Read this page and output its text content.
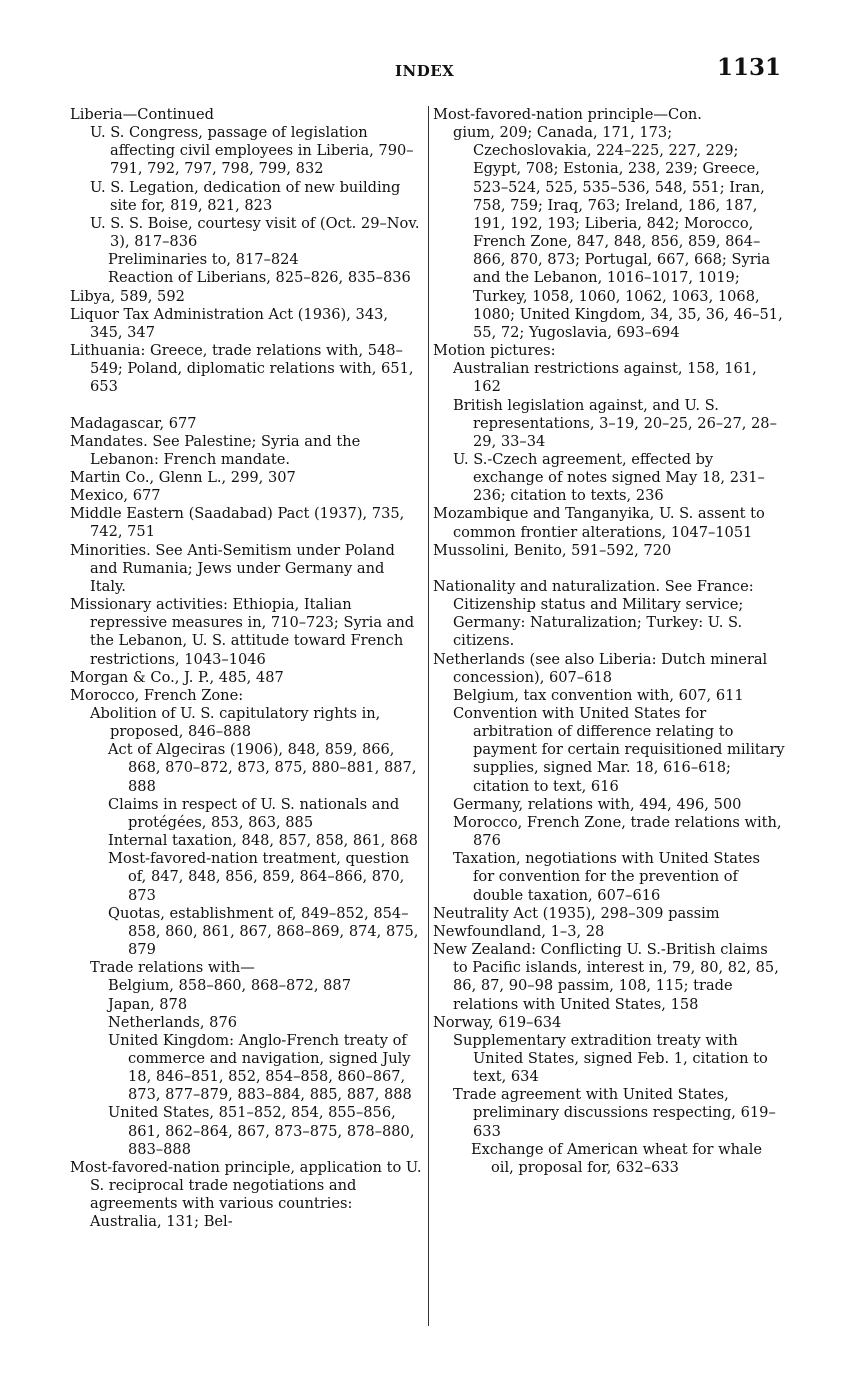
INDEX	1131
Liberia—Continued
U. S. Congress, passage of legislation affecting civil employees in Liberia, 790–791, 792, 797, 798, 799, 832
U. S. Legation, dedication of new building site for, 819, 821, 823
U. S. S. Boise, courtesy visit of (Oct. 29–Nov. 3), 817–836
Preliminaries to, 817–824
Reaction of Liberians, 825–826, 835–836
Libya, 589, 592
Liquor Tax Administration Act (1936), 343, 345, 347
Lithuania: Greece, trade relations with, 548–549; Poland, diplomatic relations with, 651, 653
Madagascar, 677
Mandates. See Palestine; Syria and the Lebanon: French mandate.
Martin Co., Glenn L., 299, 307
Mexico, 677
Middle Eastern (Saadabad) Pact (1937), 735, 742, 751
Minorities. See Anti-Semitism under Poland and Rumania; Jews under Germany and Italy.
Missionary activities: Ethiopia, Italian repressive measures in, 710–723; Syria and the Lebanon, U. S. attitude toward French restrictions, 1043–1046
Morgan & Co., J. P., 485, 487
Morocco, French Zone:
Abolition of U. S. capitulatory rights in, proposed, 846–888
Act of Algeciras (1906), 848, 859, 866, 868, 870–872, 873, 875, 880–881, 887, 888
Claims in respect of U. S. nationals and protégées, 853, 863, 885
Internal taxation, 848, 857, 858, 861, 868
Most-favored-nation treatment, question of, 847, 848, 856, 859, 864–866, 870, 873
Quotas, establishment of, 849–852, 854–858, 860, 861, 867, 868–869, 874, 875, 879
Trade relations with—
Belgium, 858–860, 868–872, 887
Japan, 878
Netherlands, 876
United Kingdom: Anglo-French treaty of commerce and navigation, signed July 18, 846–851, 852, 854–858, 860–867, 873, 877–879, 883–884, 885, 887, 888
United States, 851–852, 854, 855–856, 861, 862–864, 867, 873–875, 878–880, 883–888
Most-favored-nation principle, application to U. S. reciprocal trade negotiations and agreements with various countries: Australia, 131; Bel-
Most-favored-nation principle—Con.
gium, 209; Canada, 171, 173; Czechoslovakia, 224–225, 227, 229; Egypt, 708; Estonia, 238, 239; Greece, 523–524, 525, 535–536, 548, 551; Iran, 758, 759; Iraq, 763; Ireland, 186, 187, 191, 192, 193; Liberia, 842; Morocco, French Zone, 847, 848, 856, 859, 864–866, 870, 873; Portugal, 667, 668; Syria and the Lebanon, 1016–1017, 1019; Turkey, 1058, 1060, 1062, 1063, 1068, 1080; United Kingdom, 34, 35, 36, 46–51, 55, 72; Yugoslavia, 693–694
Motion pictures:
Australian restrictions against, 158, 161, 162
British legislation against, and U. S. representations, 3–19, 20–25, 26–27, 28–29, 33–34
U. S.-Czech agreement, effected by exchange of notes signed May 18, 231–236; citation to texts, 236
Mozambique and Tanganyika, U. S. assent to common frontier alterations, 1047–1051
Mussolini, Benito, 591–592, 720
Nationality and naturalization. See France: Citizenship status and Military service; Germany: Naturalization; Turkey: U. S. citizens.
Netherlands (see also Liberia: Dutch mineral concession), 607–618
Belgium, tax convention with, 607, 611
Convention with United States for arbitration of difference relating to payment for certain requisitioned military supplies, signed Mar. 18, 616–618; citation to text, 616
Germany, relations with, 494, 496, 500
Morocco, French Zone, trade relations with, 876
Taxation, negotiations with United States for convention for the prevention of double taxation, 607–616
Neutrality Act (1935), 298–309 passim
Newfoundland, 1–3, 28
New Zealand: Conflicting U. S.-British claims to Pacific islands, interest in, 79, 80, 82, 85, 86, 87, 90–98 passim, 108, 115; trade relations with United States, 158
Norway, 619–634
Supplementary extradition treaty with United States, signed Feb. 1, citation to text, 634
Trade agreement with United States, preliminary discussions respecting, 619–633
Exchange of American wheat for whale oil, proposal for, 632–633
